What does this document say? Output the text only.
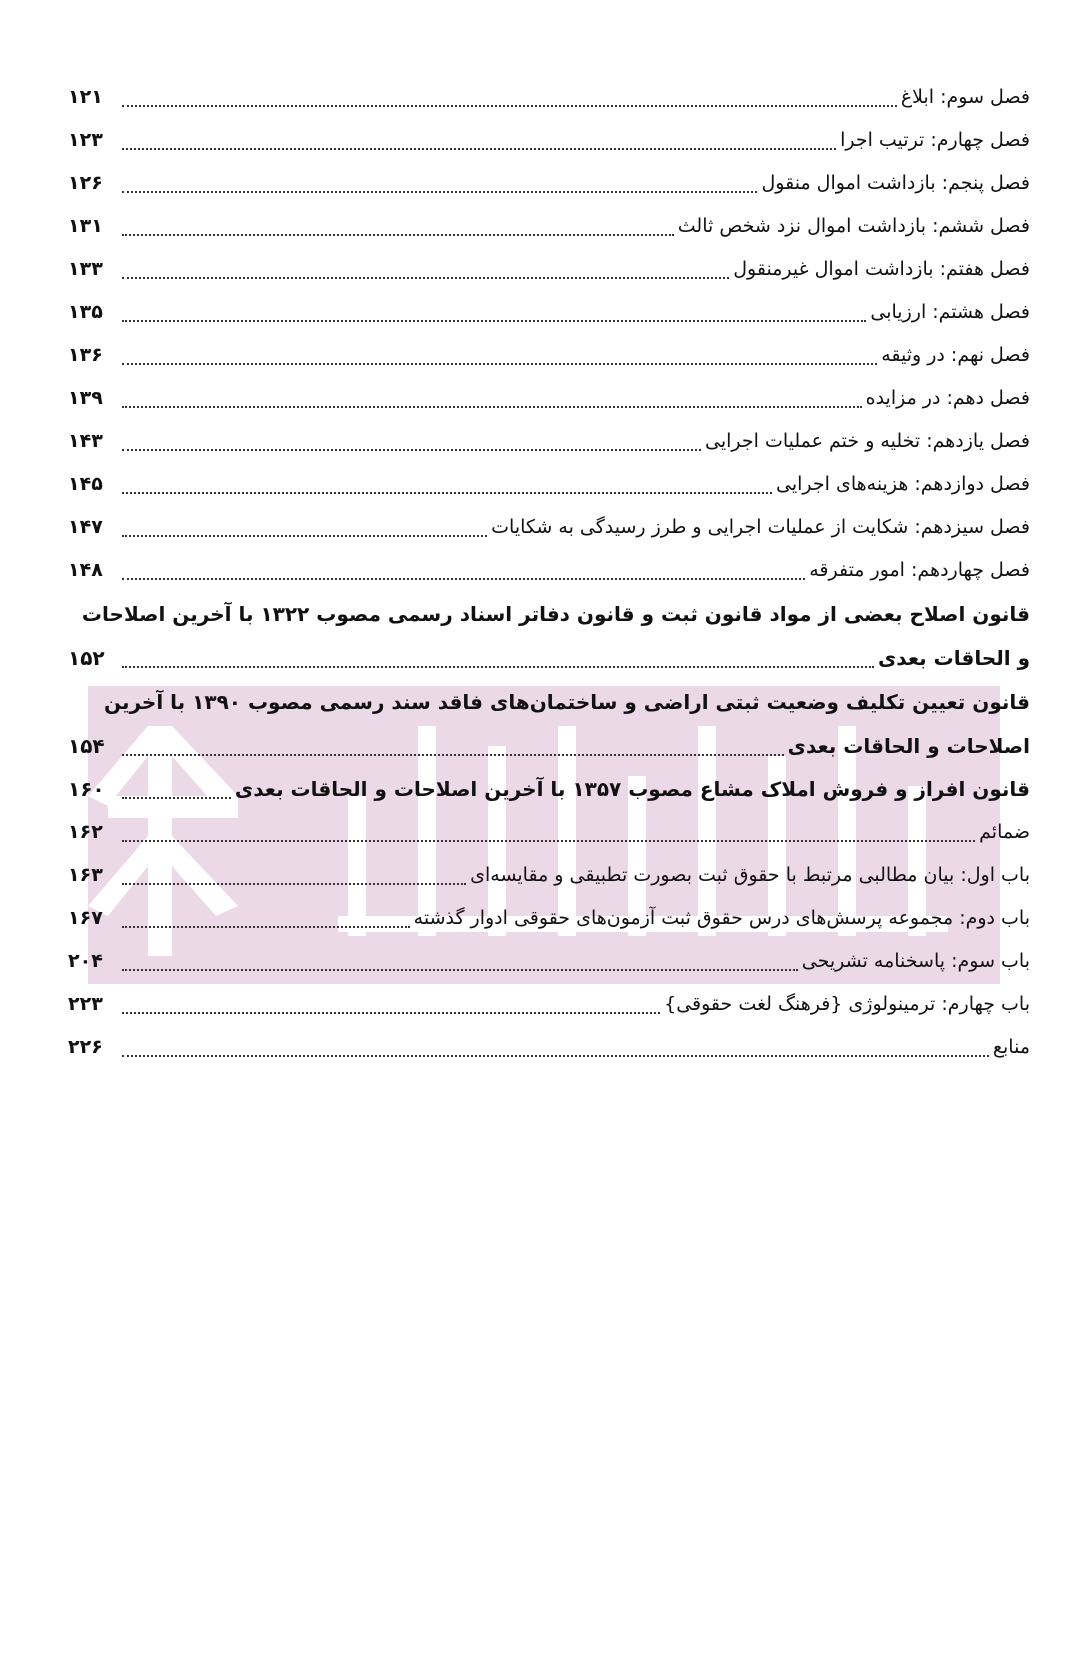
فصل سوم: ابلاغ
۱۲۱
فصل چهارم: ترتیب اجرا
۱۲۳
فصل پنجم: بازداشت اموال منقول
۱۲۶
فصل ششم: بازداشت اموال نزد شخص ثالث
۱۳۱
فصل هفتم: بازداشت اموال غیرمنقول
۱۳۳
فصل هشتم: ارزیابی
۱۳۵
فصل نهم: در وثیقه
۱۳۶
فصل دهم: در مزایده
۱۳۹
فصل یازدهم: تخلیه و ختم عملیات اجرایی
۱۴۳
فصل دوازدهم: هزینه‌های اجرایی
۱۴۵
فصل سیزدهم: شکایت از عملیات اجرایی و طرز رسیدگی به شکایات
۱۴۷
فصل چهاردهم: امور متفرقه
۱۴۸
قانون اصلاح بعضی از مواد قانون ثبت و قانون دفاتر اسناد رسمی مصوب ۱۳۲۲ با آخرین اصلاحات
و الحاقات بعدی
۱۵۲
قانون تعیین تکلیف وضعیت ثبتی اراضی و ساختمان‌های فاقد سند رسمی مصوب ۱۳۹۰ با آخرین
اصلاحات و الحاقات بعدی
۱۵۴
قانون افراز و فروش املاک مشاع مصوب ۱۳۵۷ با آخرین اصلاحات و الحاقات بعدی
۱۶۰
ضمائم
۱۶۲
باب اول: بیان مطالبی مرتبط با حقوق ثبت بصورت تطبیقی و مقایسه‌ای
۱۶۳
باب دوم: مجموعه پرسش‌های درس حقوق ثبت آزمون‌های حقوقی ادوار گذشته
۱۶۷
باب سوم: پاسخنامه تشریحی
۲۰۴
باب چهارم: ترمینولوژی {فرهنگ لغت حقوقی}
۲۲۳
منابع
۲۲۶
